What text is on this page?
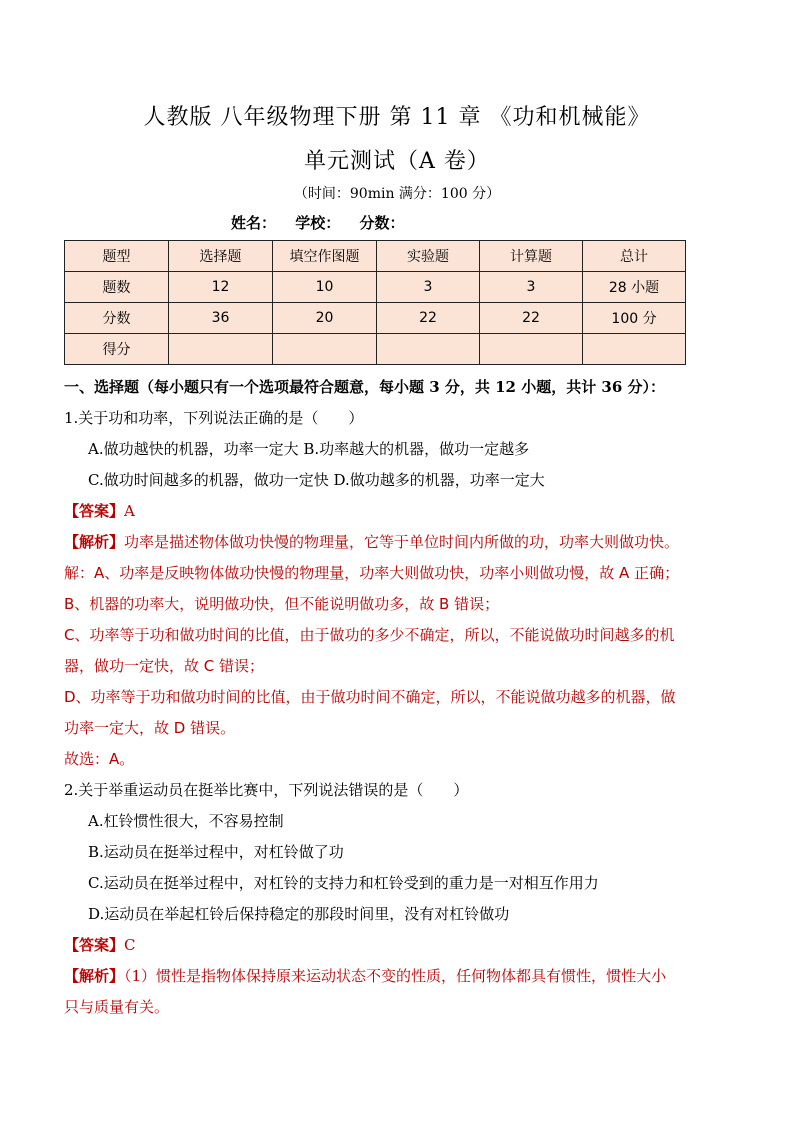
人教版 八年级物理下册 第 11 章 《功和机械能》
单元测试（A 卷）
（时间：90min 满分：100 分）
姓名： 学校： 分数：
题型	选择题	填空作图题	实验题	计算题	总计
题数	12	10	3	3	28 小题
分数	36	20	22	22	100 分
得分					
一、选择题（每小题只有一个选项最符合题意，每小题 3 分，共 12 小题，共计 36 分）：
1.关于功和功率，下列说法正确的是（　　）
A.做功越快的机器，功率一定大 B.功率越大的机器，做功一定越多
C.做功时间越多的机器，做功一定快 D.做功越多的机器，功率一定大
【答案】A
【解析】功率是描述物体做功快慢的物理量，它等于单位时间内所做的功，功率大则做功快。
解：A、功率是反映物体做功快慢的物理量，功率大则做功快，功率小则做功慢，故 A 正确；
B、机器的功率大，说明做功快，但不能说明做功多，故 B 错误；
C、功率等于功和做功时间的比值，由于做功的多少不确定，所以，不能说做功时间越多的机
器，做功一定快，故 C 错误；
D、功率等于功和做功时间的比值，由于做功时间不确定，所以，不能说做功越多的机器，做
功率一定大，故 D 错误。
故选：A。
2.关于举重运动员在挺举比赛中，下列说法错误的是（　　）
A.杠铃惯性很大，不容易控制
B.运动员在挺举过程中，对杠铃做了功
C.运动员在挺举过程中，对杠铃的支持力和杠铃受到的重力是一对相互作用力
D.运动员在举起杠铃后保持稳定的那段时间里，没有对杠铃做功
【答案】C
【解析】（1）惯性是指物体保持原来运动状态不变的性质，任何物体都具有惯性，惯性大小
只与质量有关。
